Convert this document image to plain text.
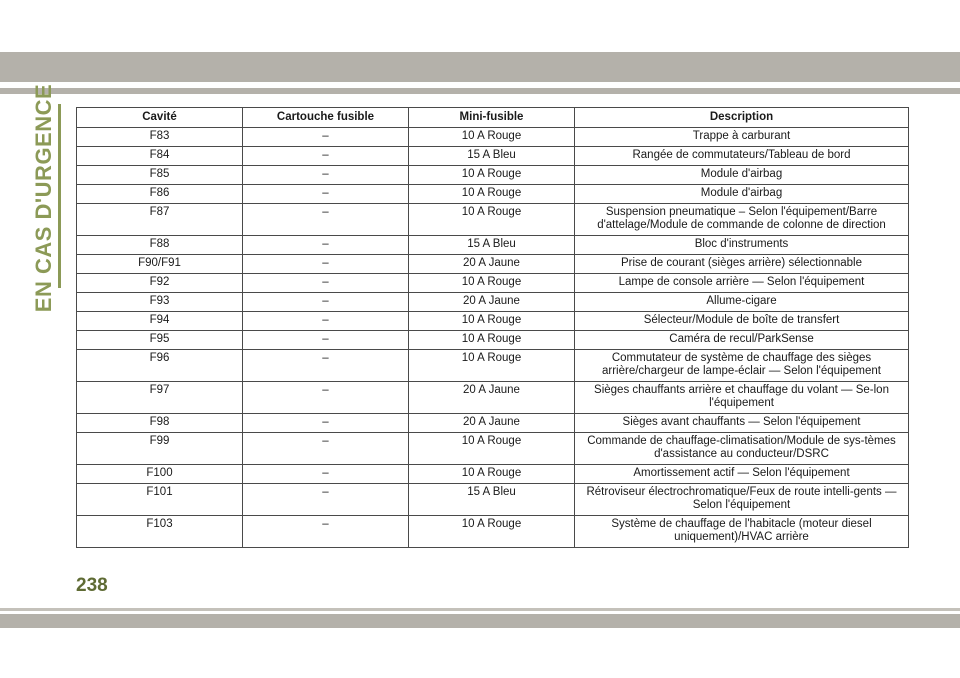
EN CAS D'URGENCE	Cavité	Cartouche fusible	Mini-fusible	Description
F83	–	10 A Rouge	Trappe à carburant
F84	–	15 A Bleu	Rangée de commutateurs/Tableau de bord
F85	–	10 A Rouge	Module d'airbag
F86	–	10 A Rouge	Module d'airbag
F87	–	10 A Rouge	Suspension pneumatique – Selon l'équipement/Barre d'attelage/Module de commande de colonne de direction
F88	–	15 A Bleu	Bloc d'instruments
F90/F91	–	20 A Jaune	Prise de courant (sièges arrière) sélectionnable
F92	–	10 A Rouge	Lampe de console arrière — Selon l'équipement
F93	–	20 A Jaune	Allume-cigare
F94	–	10 A Rouge	Sélecteur/Module de boîte de transfert
F95	–	10 A Rouge	Caméra de recul/ParkSense
F96	–	10 A Rouge	Commutateur de système de chauffage des sièges arrière/chargeur de lampe-éclair — Selon l'équipement
F97	–	20 A Jaune	Sièges chauffants arrière et chauffage du volant — Se-lon l'équipement
F98	–	20 A Jaune	Sièges avant chauffants — Selon l'équipement
F99	–	10 A Rouge	Commande de chauffage-climatisation/Module de sys-tèmes d'assistance au conducteur/DSRC
F100	–	10 A Rouge	Amortissement actif — Selon l'équipement
F101	–	15 A Bleu	Rétroviseur électrochromatique/Feux de route intelli-gents — Selon l'équipement
F103	–	10 A Rouge	Système de chauffage de l'habitacle (moteur diesel uniquement)/HVAC arrière
238
